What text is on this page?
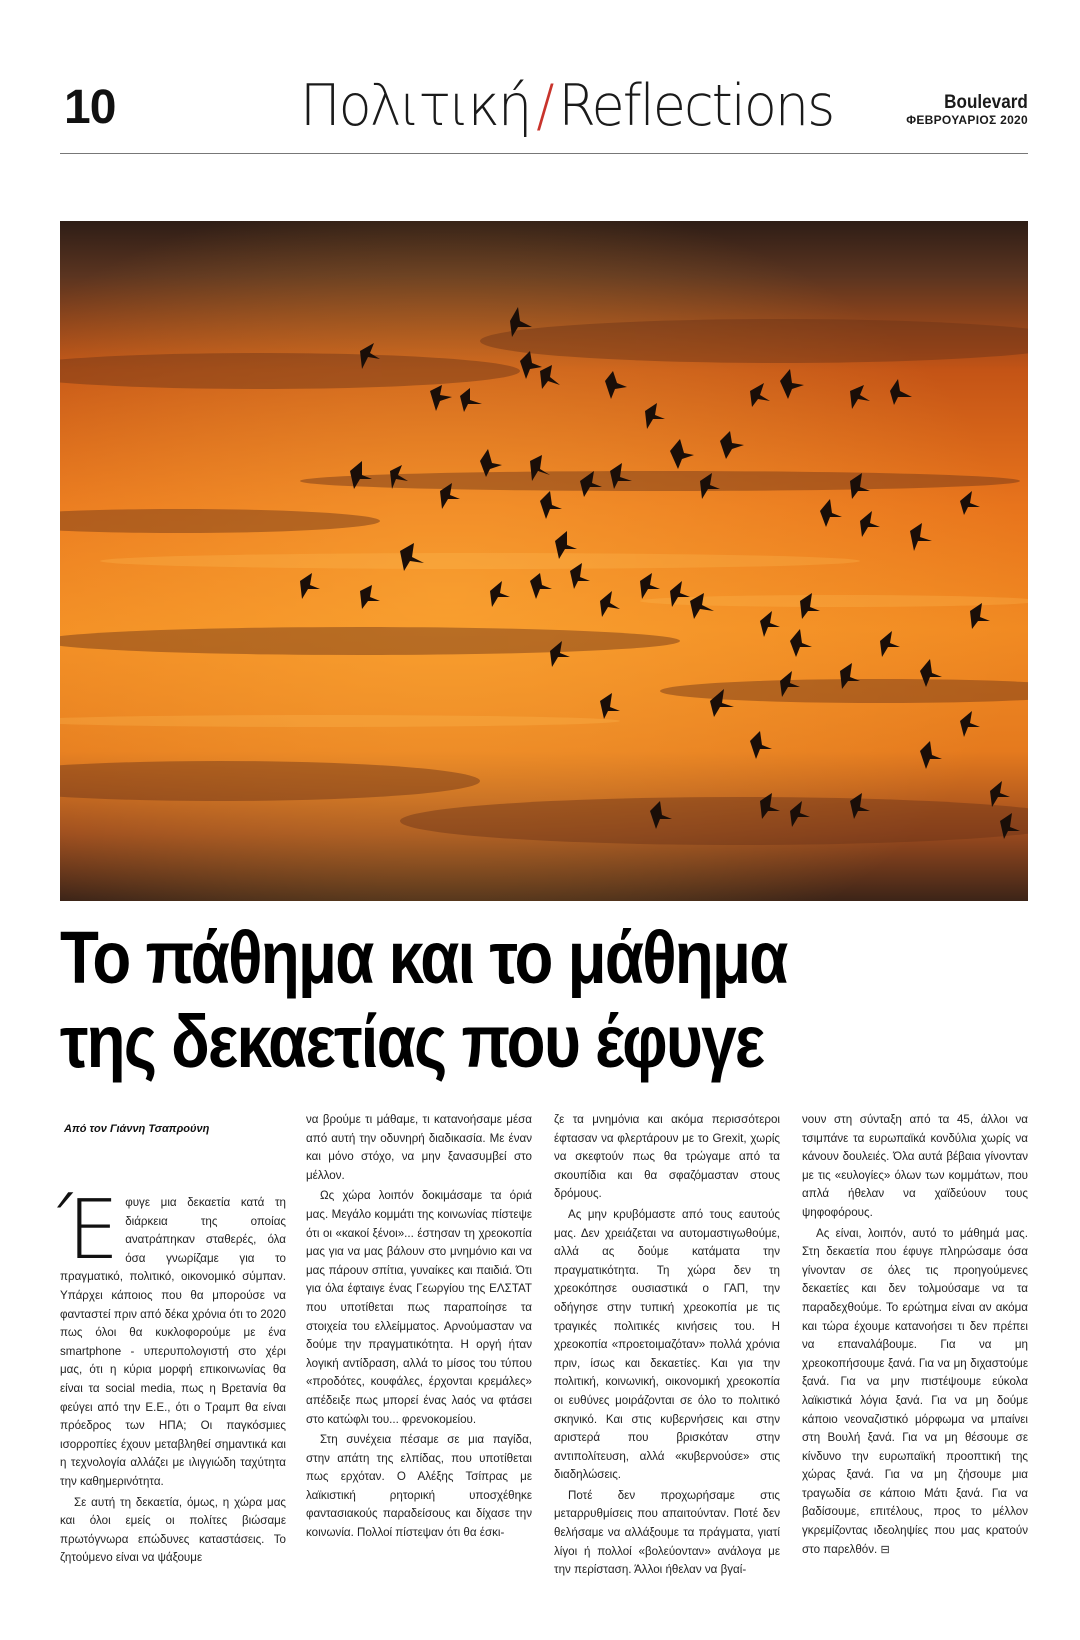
10	Πολιτική / Reflections	Boulevard
ΦΕΒΡΟΥΑΡΙΟΣ 2020
Το πάθημα και το μάθημα
της δεκαετίας που έφυγε
Από τον Γιάννη Τσαπρούνη

Έφυγε μια δεκαετία κατά τη διάρκεια της οποίας ανατράπηκαν σταθερές, όλα όσα γνωρίζαμε για το πραγματικό, πολιτικό, οικονομικό σύμπαν. Υπάρχει κάποιος που θα μπορούσε να φανταστεί πριν από δέκα χρόνια ότι το 2020 πως όλοι θα κυκλοφορούμε με ένα smartphone - υπερυπολογιστή στο χέρι μας, ότι η κύρια μορφή επικοινωνίας θα είναι τα social media, πως η Βρετανία θα φεύγει από την Ε.Ε., ότι ο Τραμπ θα είναι πρόεδρος των ΗΠΑ; Οι παγκόσμιες ισορροπίες έχουν μεταβληθεί σημαντικά και η τεχνολογία αλλάζει με ιλιγγιώδη ταχύτητα την καθημερινότητα.

Σε αυτή τη δεκαετία, όμως, η χώρα μας και όλοι εμείς οι πολίτες βιώσαμε πρωτόγνωρα επώδυνες καταστάσεις. Το ζητούμενο είναι να ψάξουμε

να βρούμε τι μάθαμε, τι κατανοήσαμε μέσα από αυτή την οδυνηρή διαδικασία. Με έναν και μόνο στόχο, να μην ξανασυμβεί στο μέλλον.

Ως χώρα λοιπόν δοκιμάσαμε τα όριά μας. Μεγάλο κομμάτι της κοινωνίας πίστεψε ότι οι «κακοί ξένοι»... έστησαν τη χρεοκοπία μας για να μας βάλουν στο μνημόνιο και να μας πάρουν σπίτια, γυναίκες και παιδιά. Ότι για όλα έφταιγε ένας Γεωργίου της ΕΛΣΤΑΤ που υποτίθεται πως παραποίησε τα στοιχεία του ελλείμματος. Αρνούμασταν να δούμε την πραγματικότητα. Η οργή ήταν λογική αντίδραση, αλλά το μίσος του τύπου «προδότες, κουφάλες, έρχονται κρεμάλες» απέδειξε πως μπορεί ένας λαός να φτάσει στο κατώφλι του... φρενοκομείου.

Στη συνέχεια πέσαμε σε μια παγίδα, στην απάτη της ελπίδας, που υποτίθεται πως ερχόταν. Ο Αλέξης Τσίπρας με λαϊκιστική ρητορική υποσχέθηκε φαντασιακούς παραδείσους και δίχασε την κοινωνία. Πολλοί πίστεψαν ότι θα έσκι-

ζε τα μνημόνια και ακόμα περισσότεροι έφτασαν να φλερτάρουν με το Grexit, χωρίς να σκεφτούν πως θα τρώγαμε από τα σκουπίδια και θα σφαζόμασταν στους δρόμους.

Ας μην κρυβόμαστε από τους εαυτούς μας. Δεν χρειάζεται να αυτομαστιγωθούμε, αλλά ας δούμε κατάματα την πραγματικότητα. Τη χώρα δεν τη χρεοκόπησε ουσιαστικά ο ΓΑΠ, την οδήγησε στην τυπική χρεοκοπία με τις τραγικές πολιτικές κινήσεις του. Η χρεοκοπία «προετοιμαζόταν» πολλά χρόνια πριν, ίσως και δεκαετίες. Και για την πολιτική, κοινωνική, οικονομική χρεοκοπία οι ευθύνες μοιράζονται σε όλο το πολιτικό σκηνικό. Και στις κυβερνήσεις και στην αριστερά που βρισκόταν στην αντιπολίτευση, αλλά «κυβερνούσε» στις διαδηλώσεις.

Ποτέ δεν προχωρήσαμε στις μεταρρυθμίσεις που απαιτούνταν. Ποτέ δεν θελήσαμε να αλλάξουμε τα πράγματα, γιατί λίγοι ή πολλοί «βολεύονταν» ανάλογα με την περίσταση. Άλλοι ήθελαν να βγαί-

νουν στη σύνταξη από τα 45, άλλοι να τσιμπάνε τα ευρωπαϊκά κονδύλια χωρίς να κάνουν δουλειές. Όλα αυτά βέβαια γίνονταν με τις «ευλογίες» όλων των κομμάτων, που απλά ήθελαν να χαϊδεύουν τους ψηφοφόρους.

Ας είναι, λοιπόν, αυτό το μάθημά μας. Στη δεκαετία που έφυγε πληρώσαμε όσα γίνονταν σε όλες τις προηγούμενες δεκαετίες και δεν τολμούσαμε να τα παραδεχθούμε. Το ερώτημα είναι αν ακόμα και τώρα έχουμε κατανοήσει τι δεν πρέπει να επαναλάβουμε. Για να μη χρεοκοπήσουμε ξανά. Για να μη διχαστούμε ξανά. Για να μην πιστέψουμε εύκολα λαϊκιστικά λόγια ξανά. Για να μη δούμε κάποιο νεοναζιστικό μόρφωμα να μπαίνει στη Βουλή ξανά. Για να μη θέσουμε σε κίνδυνο την ευρωπαϊκή προοπτική της χώρας ξανά. Για να μη ζήσουμε μια τραγωδία σε κάποιο Μάτι ξανά. Για να βαδίσουμε, επιτέλους, προς το μέλλον γκρεμίζοντας ιδεοληψίες που μας κρατούν στο παρελθόν. ⊟
